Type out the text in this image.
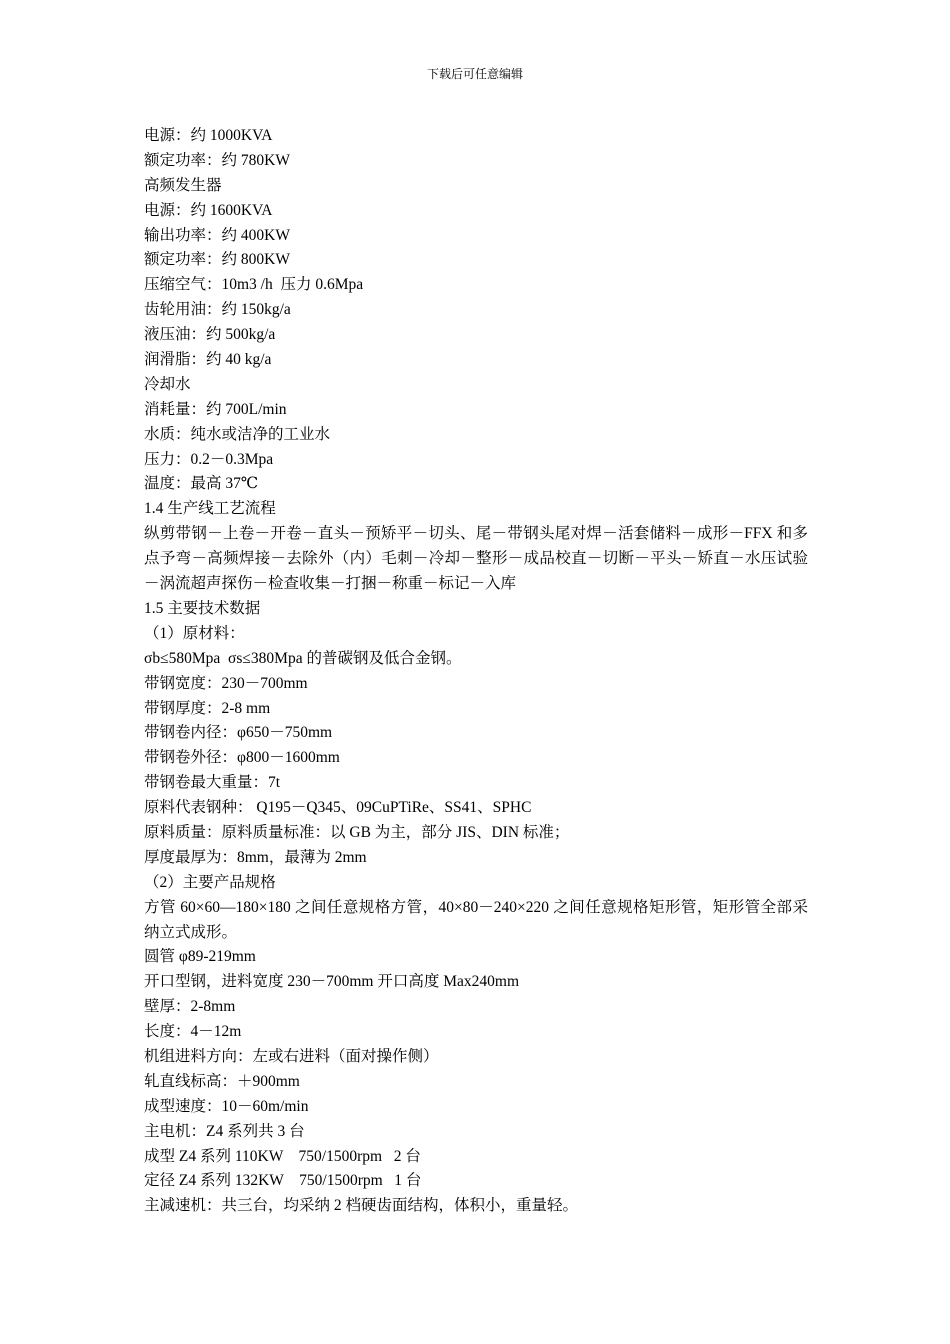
下载后可任意编辑
电源：约 1000KVA
额定功率：约 780KW
高频发生器
电源：约 1600KVA
输出功率：约 400KW
额定功率：约 800KW
压缩空气：10m3 /h  压力 0.6Mpa
齿轮用油：约 150kg/a
液压油：约 500kg/a
润滑脂：约 40 kg/a
冷却水
消耗量：约 700L/min
水质：纯水或洁净的工业水
压力：0.2－0.3Mpa
温度：最高 37℃
1.4 生产线工艺流程
纵剪带钢－上卷－开卷－直头－预矫平－切头、尾－带钢头尾对焊－活套储料－成形－FFX 和多点予弯－高频焊接－去除外（内）毛刺－冷却－整形－成品校直－切断－平头－矫直－水压试验－涡流超声探伤－检查收集－打捆－称重－标记－入库
1.5 主要技术数据
（1）原材料：
σb≤580Mpa  σs≤380Mpa 的普碳钢及低合金钢。
带钢宽度：230－700mm
带钢厚度：2-8 mm
带钢卷内径：φ650－750mm
带钢卷外径：φ800－1600mm
带钢卷最大重量：7t
原料代表钢种： Q195－Q345、09CuPTiRe、SS41、SPHC
原料质量：原料质量标准：以 GB 为主，部分 JIS、DIN 标准；
厚度最厚为：8mm，最薄为 2mm
（2）主要产品规格
方管 60×60—180×180 之间任意规格方管，40×80－240×220 之间任意规格矩形管，矩形管全部采纳立式成形。
圆管 φ89-219mm
开口型钢，进料宽度 230－700mm 开口高度 Max240mm
壁厚：2-8mm
长度：4－12m
机组进料方向：左或右进料（面对操作侧）
轧直线标高：＋900mm
成型速度：10－60m/min
主电机：Z4 系列共 3 台
成型 Z4 系列 110KW    750/1500rpm   2 台
定径 Z4 系列 132KW    750/1500rpm   1 台
主减速机：共三台，均采纳 2 档硬齿面结构，体积小，重量轻。
